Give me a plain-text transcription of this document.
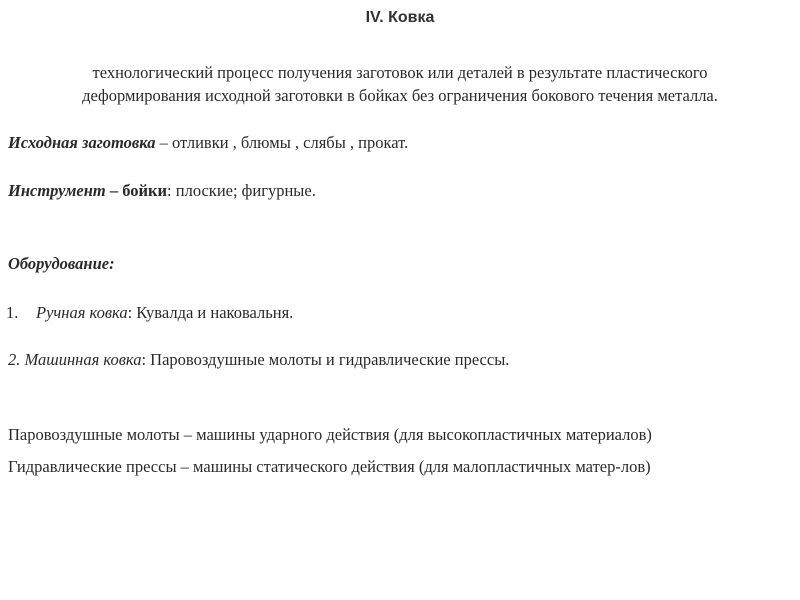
IV. Ковка
технологический процесс получения заготовок или деталей в результате пластического
деформирования исходной заготовки в бойках без ограничения бокового течения металла.
Исходная заготовка – отливки , блюмы , слябы , прокат.
Инструмент – бойки: плоские; фигурные.
Оборудование:
1. Ручная ковка: Кувалда и наковальня.
2. Машинная ковка: Паровоздушные молоты и гидравлические прессы.
Паровоздушные молоты – машины ударного действия (для высокопластичных материалов)
Гидравлические прессы – машины статического действия (для малопластичных матер-лов)
